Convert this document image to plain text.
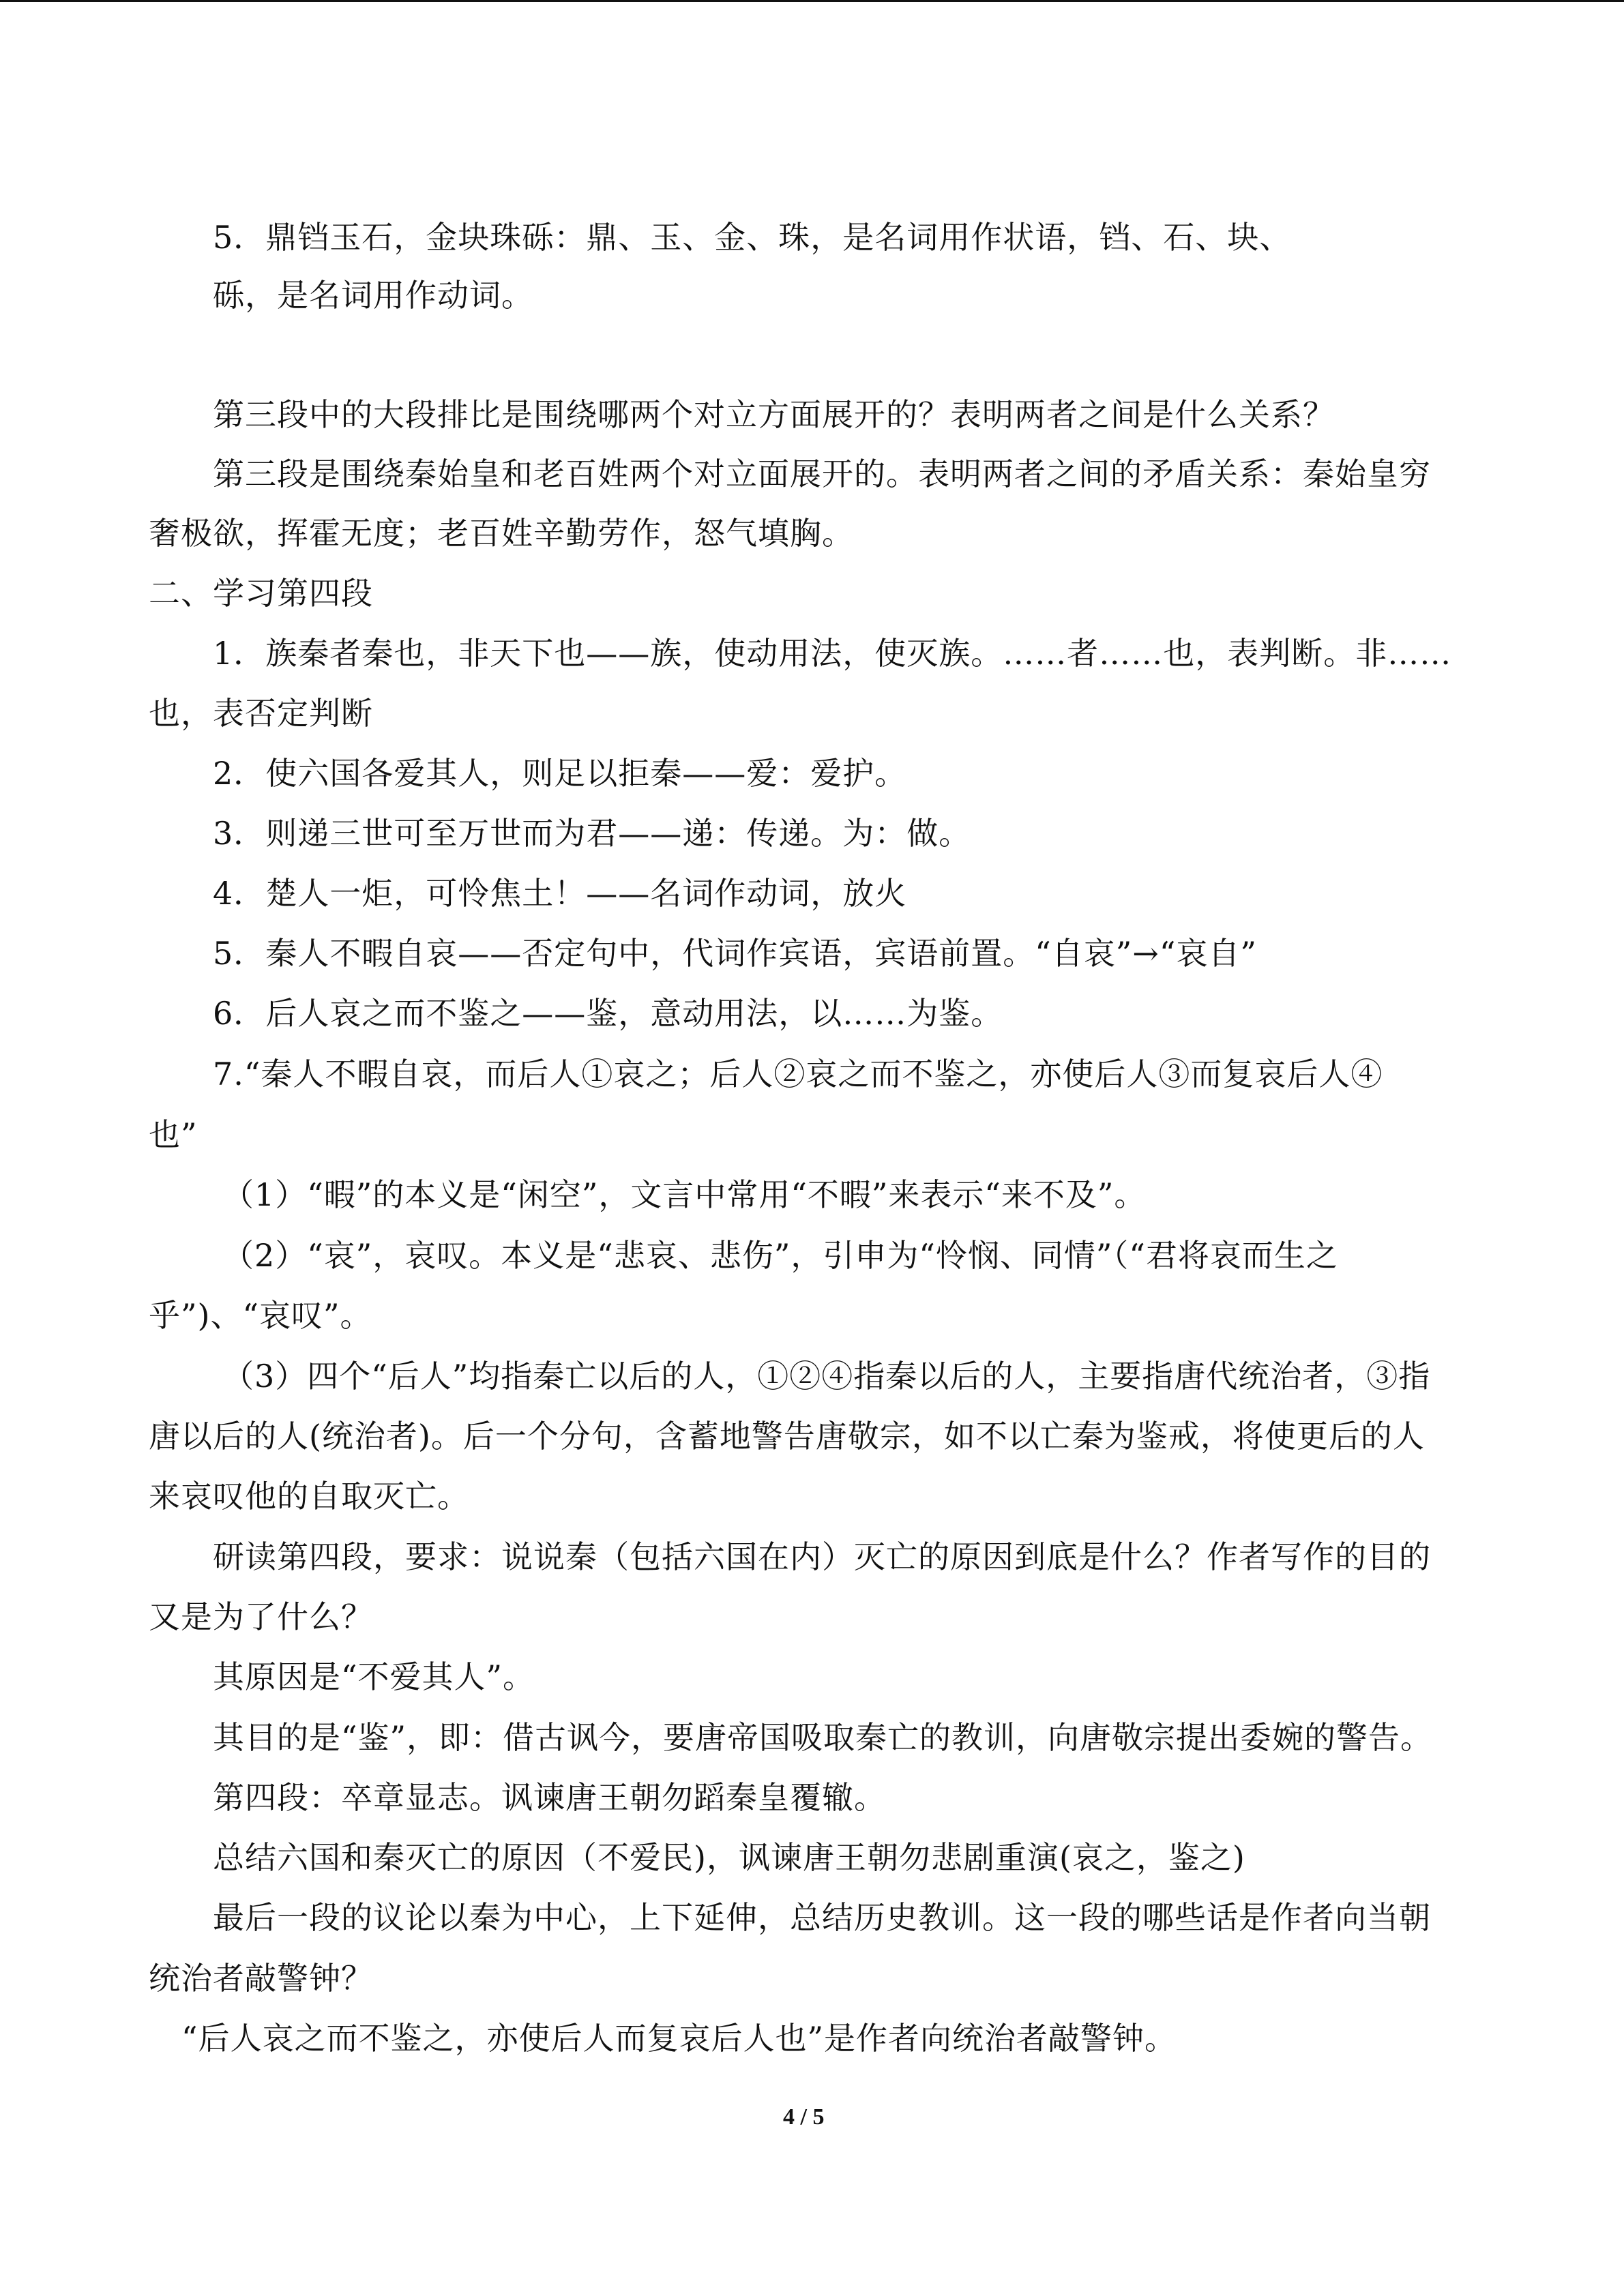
5．鼎铛玉石，金块珠砾：鼎、玉、金、珠，是名词用作状语，铛、石、块、
砾，是名词用作动词。
第三段中的大段排比是围绕哪两个对立方面展开的？表明两者之间是什么关系？
第三段是围绕秦始皇和老百姓两个对立面展开的。表明两者之间的矛盾关系：秦始皇穷
奢极欲，挥霍无度；老百姓辛勤劳作，怒气填胸。
二、学习第四段
1．族秦者秦也，非天下也——族，使动用法，使灭族。……者……也，表判断。非……
也，表否定判断
2．使六国各爱其人，则足以拒秦——爱：爱护。
3．则递三世可至万世而为君——递：传递。为：做。
4．楚人一炬，可怜焦土！——名词作动词，放火
5．秦人不暇自哀——否定句中，代词作宾语，宾语前置。“自哀”→“哀自”
6．后人哀之而不鉴之——鉴，意动用法，以……为鉴。
7.“秦人不暇自哀，而后人①哀之；后人②哀之而不鉴之，亦使后人③而复哀后人④
也”
（1）“暇”的本义是“闲空”，文言中常用“不暇”来表示“来不及”。
（2）“哀”，哀叹。本义是“悲哀、悲伤”，引申为“怜悯、同情”（“君将哀而生之
乎”)、“哀叹”。
（3）四个“后人”均指秦亡以后的人，①②④指秦以后的人，主要指唐代统治者，③指
唐以后的人(统治者)。后一个分句，含蓄地警告唐敬宗，如不以亡秦为鉴戒，将使更后的人
来哀叹他的自取灭亡。
研读第四段，要求：说说秦（包括六国在内）灭亡的原因到底是什么？作者写作的目的
又是为了什么？
其原因是“不爱其人”。
其目的是“鉴”，即：借古讽今，要唐帝国吸取秦亡的教训，向唐敬宗提出委婉的警告。
第四段：卒章显志。讽谏唐王朝勿蹈秦皇覆辙。
总结六国和秦灭亡的原因（不爱民)，讽谏唐王朝勿悲剧重演(哀之，鉴之)
最后一段的议论以秦为中心，上下延伸，总结历史教训。这一段的哪些话是作者向当朝
统治者敲警钟？
“后人哀之而不鉴之，亦使后人而复哀后人也”是作者向统治者敲警钟。
4 / 5
